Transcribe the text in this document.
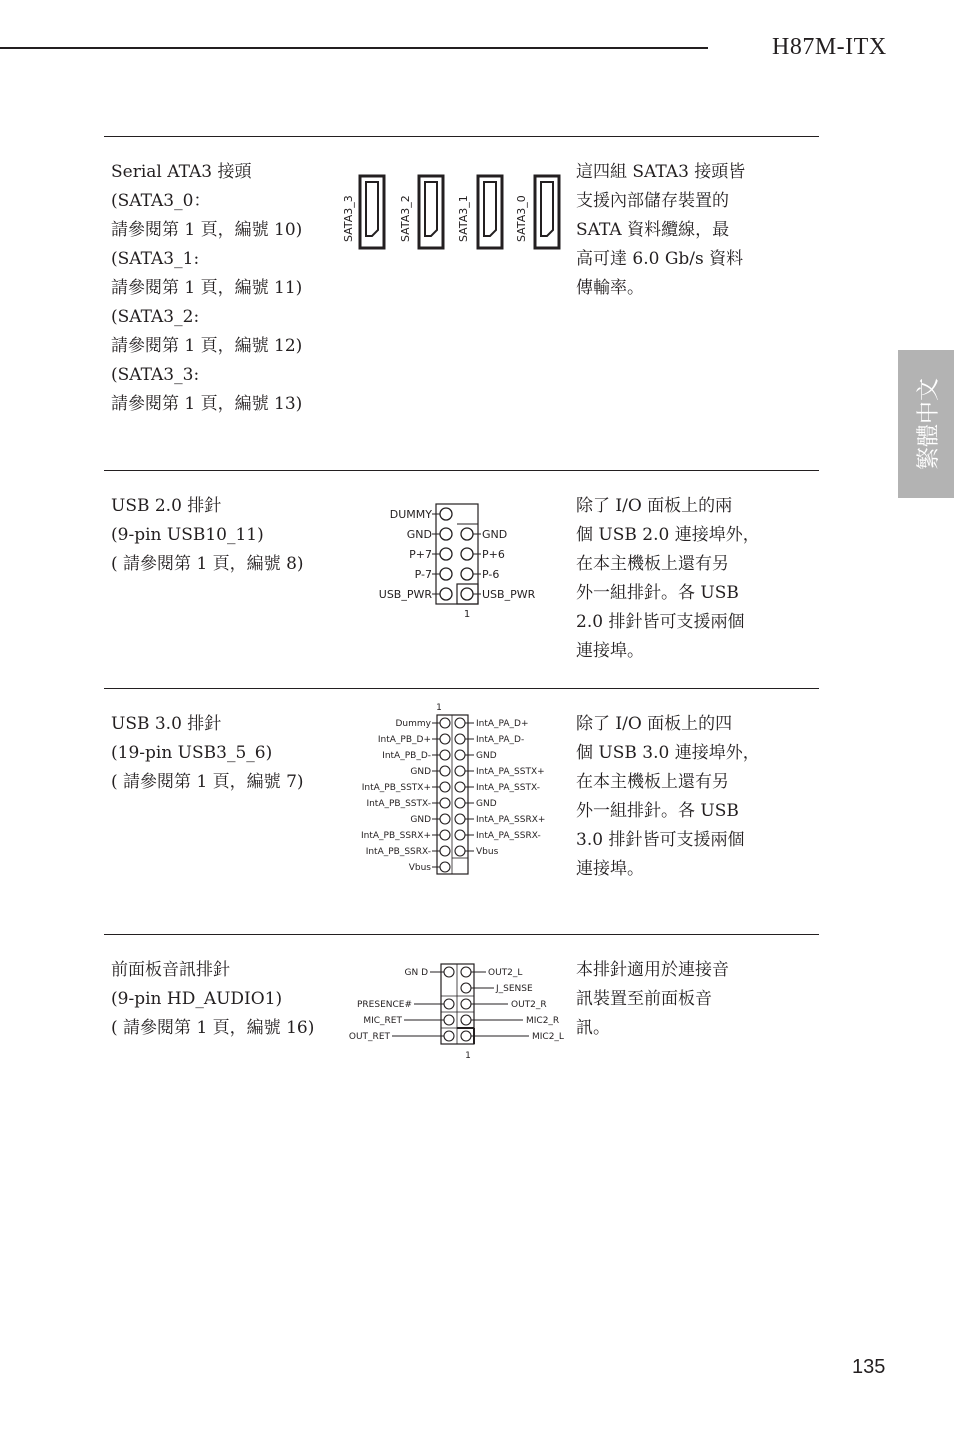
H87M-ITX
繁體中文
Serial ATA3 接頭
(SATA3_0：
請參閱第 1 頁，編號 10)
(SATA3_1:
請參閱第 1 頁，編號 11)
(SATA3_2:
請參閱第 1 頁，編號 12)
(SATA3_3:
請參閱第 1 頁，編號 13)
這四組 SATA3 接頭皆
支援內部儲存裝置的
SATA 資料纜線，最
高可達 6.0 Gb/s 資料
傳輸率。
SATA3_3	SATA3_2	SATA3_1	SATA3_0
USB 2.0 排針
(9-pin USB10_11)
( 請參閱第 1 頁，編號 8)
除了 I/O 面板上的兩
個 USB 2.0 連接埠外，
在本主機板上還有另
外一組排針。各 USB
2.0 排針皆可支援兩個
連接埠。
DUMMY
GND
P+7
P-7
USB_PWR
GND
P+6
P-6
USB_PWR
1
USB 3.0 排針
(19-pin USB3_5_6)
( 請參閱第 1 頁，編號 7)
除了 I/O 面板上的四
個 USB 3.0 連接埠外，
在本主機板上還有另
外一組排針。各 USB
3.0 排針皆可支援兩個
連接埠。
1
Dummy
IntA_PB_D+
IntA_PB_D-
GND
IntA_PB_SSTX+
IntA_PB_SSTX-
GND
IntA_PB_SSRX+
IntA_PB_SSRX-
Vbus
IntA_PA_D+
IntA_PA_D-
GND
IntA_PA_SSTX+
IntA_PA_SSTX-
GND
IntA_PA_SSRX+
IntA_PA_SSRX-
Vbus
前面板音訊排針
(9-pin HD_AUDIO1)
( 請參閱第 1 頁，編號 16)
本排針適用於連接音
訊裝置至前面板音
訊。
GN D
PRESENCE#
MIC_RET
OUT_RET
OUT2_L
J_SENSE
OUT2_R
MIC2_R
MIC2_L
1
135
